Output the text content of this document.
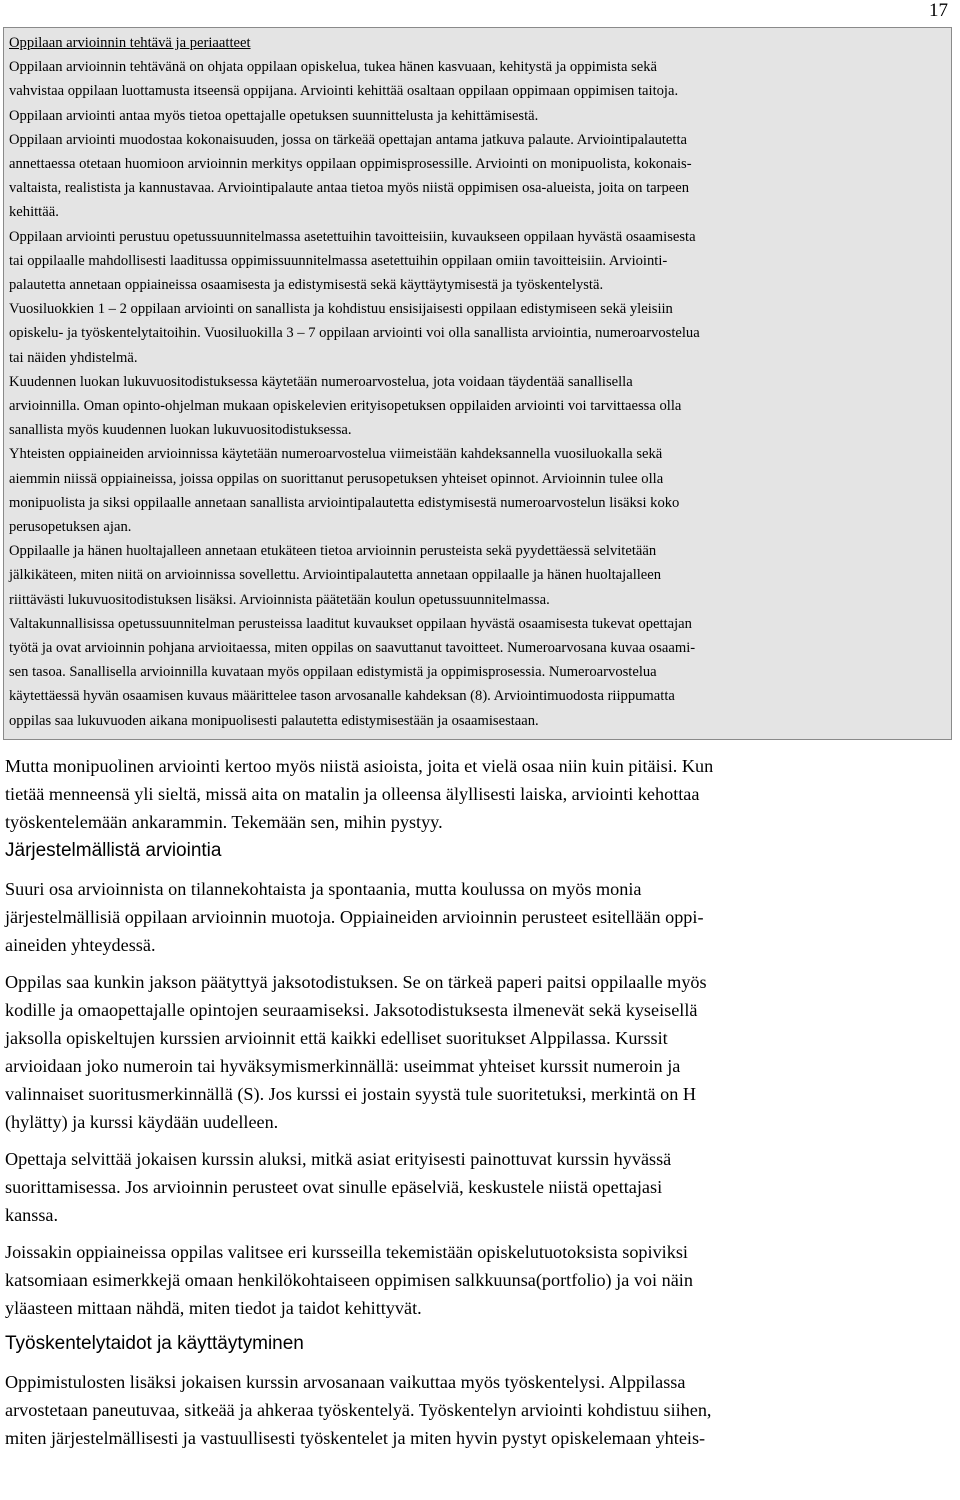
17
Oppilaan arvioinnin tehtävä ja periaatteet
Oppilaan arvioinnin tehtävänä on ohjata oppilaan opiskelua, tukea hänen kasvuaan, kehitystä ja oppimista sekä
vahvistaa oppilaan luottamusta itseensä oppijana. Arviointi kehittää osaltaan oppilaan oppimaan oppimisen taitoja.
Oppilaan arviointi antaa myös tietoa opettajalle opetuksen suunnittelusta ja kehittämisestä.
Oppilaan arviointi muodostaa kokonaisuuden, jossa on tärkeää opettajan antama jatkuva palaute. Arviointipalautetta
annettaessa otetaan huomioon arvioinnin merkitys oppilaan oppimisprosessille. Arviointi on monipuolista, kokonais-
valtaista, realistista ja kannustavaa. Arviointipalaute antaa tietoa myös niistä oppimisen osa-alueista, joita on tarpeen
kehittää.
Oppilaan arviointi perustuu opetussuunnitelmassa asetettuihin tavoitteisiin, kuvaukseen oppilaan hyvästä osaamisesta
tai oppilaalle mahdollisesti laaditussa oppimissuunnitelmassa asetettuihin oppilaan omiin tavoitteisiin. Arviointi-
palautetta annetaan oppiaineissa osaamisesta ja edistymisestä sekä käyttäytymisestä ja työskentelystä.
Vuosiluokkien 1 – 2 oppilaan arviointi on sanallista ja kohdistuu ensisijaisesti oppilaan edistymiseen sekä yleisiin
opiskelu- ja työskentelytaitoihin. Vuosiluokilla 3 – 7 oppilaan arviointi voi olla sanallista arviointia, numeroarvostelua
tai näiden yhdistelmä.
Kuudennen luokan lukuvuositodistuksessa käytetään numeroarvostelua, jota voidaan täydentää sanallisella
arvioinnilla. Oman opinto-ohjelman mukaan opiskelevien erityisopetuksen oppilaiden arviointi voi tarvittaessa olla
sanallista myös kuudennen luokan lukuvuositodistuksessa.
Yhteisten oppiaineiden arvioinnissa käytetään numeroarvostelua viimeistään kahdeksannella vuosiluokalla sekä
aiemmin niissä oppiaineissa, joissa oppilas on suorittanut perusopetuksen yhteiset opinnot. Arvioinnin tulee olla
monipuolista ja siksi oppilaalle annetaan sanallista arviointipalautetta edistymisestä numeroarvostelun lisäksi koko
perusopetuksen ajan.
Oppilaalle ja hänen huoltajalleen annetaan etukäteen tietoa arvioinnin perusteista sekä pyydettäessä selvitetään
jälkikäteen, miten niitä on arvioinnissa sovellettu. Arviointipalautetta annetaan oppilaalle ja hänen huoltajalleen
riittävästi lukuvuositodistuksen lisäksi. Arvioinnista päätetään koulun opetussuunnitelmassa.
Valtakunnallisissa opetussuunnitelman perusteissa laaditut kuvaukset oppilaan hyvästä osaamisesta tukevat opettajan
työtä ja ovat arvioinnin pohjana arvioitaessa, miten oppilas on saavuttanut tavoitteet. Numeroarvosana kuvaa osaami-
sen tasoa. Sanallisella arvioinnilla kuvataan myös oppilaan edistymistä ja oppimisprosessia. Numeroarvostelua
käytettäessä hyvän osaamisen kuvaus määrittelee tason arvosanalle kahdeksan (8). Arviointimuodosta riippumatta
oppilas saa lukuvuoden aikana monipuolisesti palautetta edistymisestään ja osaamisestaan.

Mutta monipuolinen arviointi kertoo myös niistä asioista, joita et vielä osaa niin kuin pitäisi. Kun
tietää menneensä yli sieltä, missä aita on matalin ja olleensa älyllisesti laiska, arviointi kehottaa
työskentelemään ankarammin. Tekemään sen, mihin pystyy.

Järjestelmällistä arviointia

Suuri osa arvioinnista on tilannekohtaista ja spontaania, mutta koulussa on myös monia
järjestelmällisiä oppilaan arvioinnin muotoja. Oppiaineiden arvioinnin perusteet esitellään oppi-
aineiden yhteydessä.

Oppilas saa kunkin jakson päätyttyä jaksotodistuksen. Se on tärkeä paperi paitsi oppilaalle myös
kodille ja omaopettajalle opintojen seuraamiseksi. Jaksotodistuksesta ilmenevät sekä kyseisellä
jaksolla opiskeltujen kurssien arvioinnit että kaikki edelliset suoritukset Alppilassa. Kurssit
arvioidaan joko numeroin tai hyväksymismerkinnällä: useimmat yhteiset kurssit numeroin ja
valinnaiset suoritusmerkinnällä (S). Jos kurssi ei jostain syystä tule suoritetuksi, merkintä on H
(hylätty) ja kurssi käydään uudelleen.

Opettaja selvittää jokaisen kurssin aluksi, mitkä asiat erityisesti painottuvat kurssin hyvässä
suorittamisessa. Jos arvioinnin perusteet ovat sinulle epäselviä, keskustele niistä opettajasi
kanssa.

Joissakin oppiaineissa oppilas valitsee eri kursseilla tekemistään opiskelutuotoksista sopiviksi
katsomiaan esimerkkejä omaan henkilökohtaiseen oppimisen salkkuunsa(portfolio) ja voi näin
yläasteen mittaan nähdä, miten tiedot ja taidot kehittyvät.

Työskentelytaidot ja käyttäytyminen

Oppimistulosten lisäksi jokaisen kurssin arvosanaan vaikuttaa myös työskentelysi. Alppilassa
arvostetaan paneutuvaa, sitkeää ja ahkeraa työskentelyä. Työskentelyn arviointi kohdistuu siihen,
miten järjestelmällisesti ja vastuullisesti työskentelet ja miten hyvin pystyt opiskelemaan yhteis-
